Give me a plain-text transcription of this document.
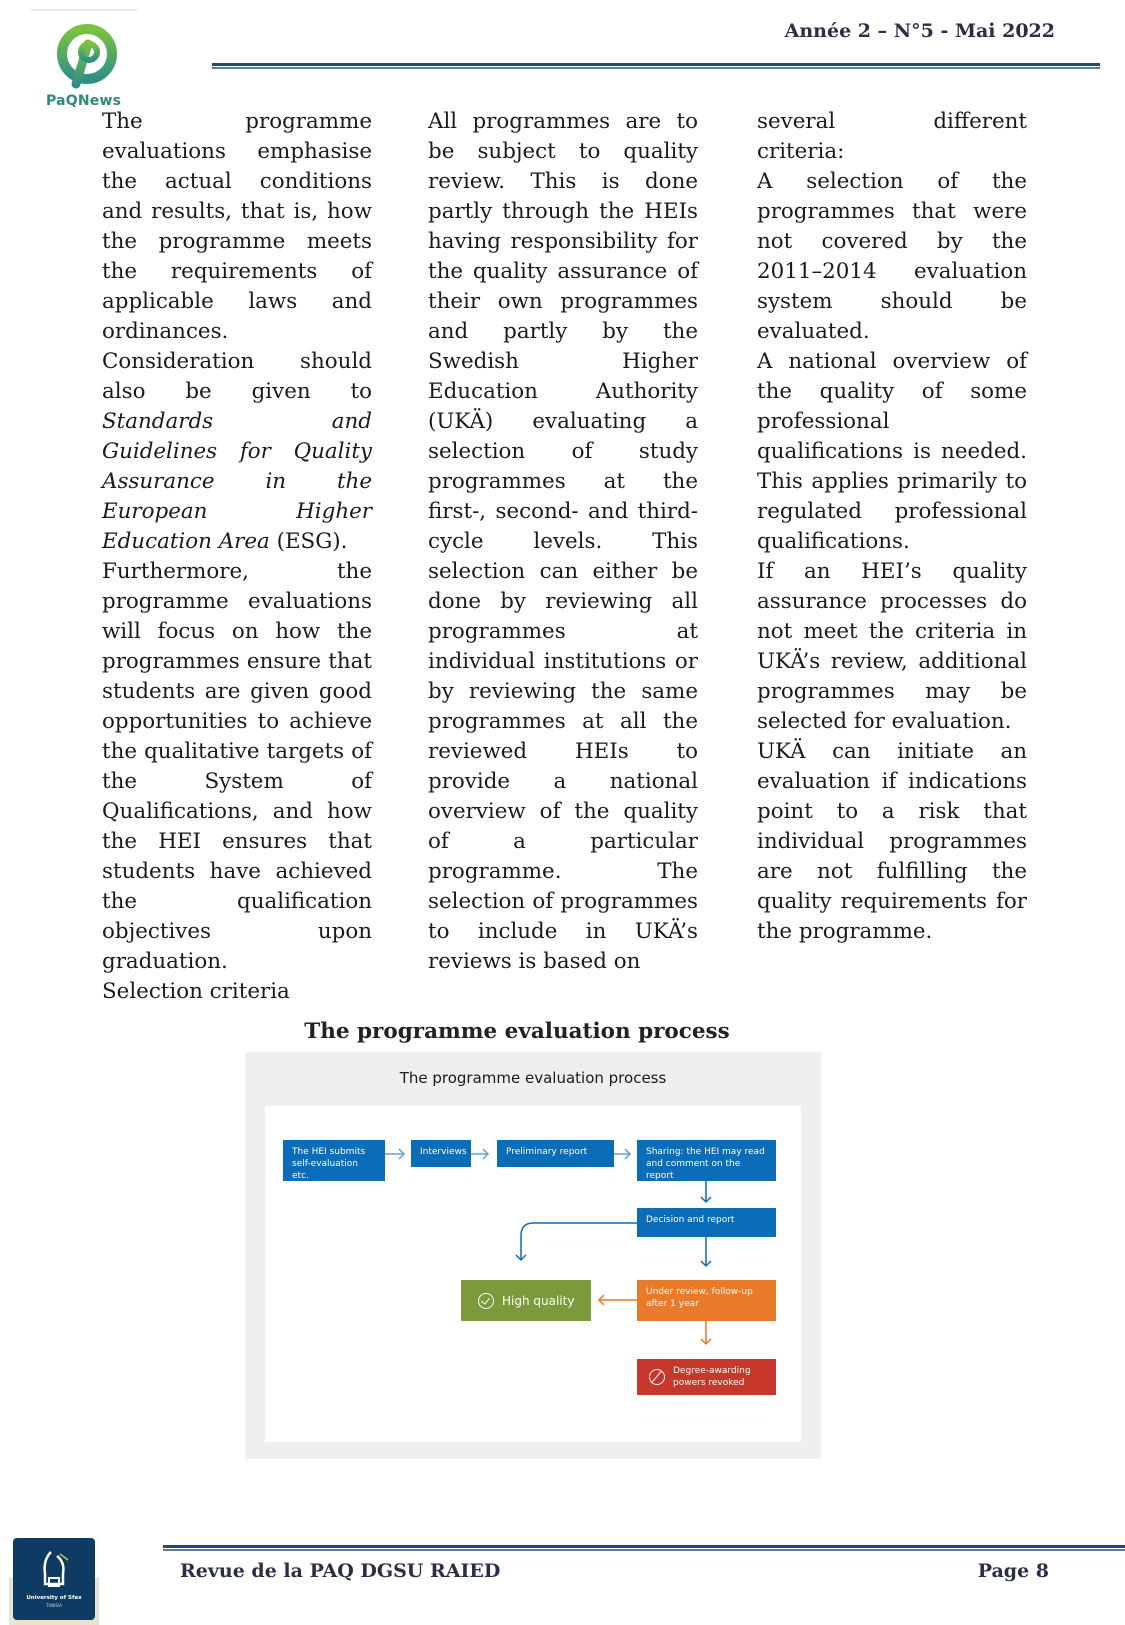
PaQNews
Année 2 – N°5 - Mai 2022

The programme evaluations emphasise the actual conditions and results, that is, how the programme meets the requirements of applicable laws and ordinances.

Consideration should also be given to Standards and Guidelines for Quality Assurance in the European Higher Education Area (ESG).

Furthermore, the programme evaluations will focus on how the programmes ensure that students are given good opportunities to achieve the qualitative targets of the System of Qualifications, and how the HEI ensures that students have achieved the qualification objectives upon graduation.

Selection criteria

All programmes are to be subject to quality review. This is done partly through the HEIs having responsibility for the quality assurance of their own programmes and partly by the Swedish Higher Education Authority (UKÄ) evaluating a selection of study programmes at the first-, second- and third-cycle levels. This selection can either be done by reviewing all programmes at individual institutions or by reviewing the same programmes at all the reviewed HEIs to provide a national overview of the quality of a particular programme. The selection of programmes to include in UKÄ’s reviews is based on

several different criteria:

A selection of the programmes that were not covered by the 2011–2014 evaluation system should be evaluated.

A national overview of the quality of some professional qualifications is needed. This applies primarily to regulated professional qualifications.

If an HEI’s quality assurance processes do not meet the criteria in UKÄ’s review, additional programmes may be selected for evaluation.

UKÄ can initiate an evaluation if indications point to a risk that individual programmes are not fulfilling the quality requirements for the programme.

The programme evaluation process
The programme evaluation process
The HEI submits self-evaluation etc.
Interviews	Preliminary report	Sharing: the HEI may read and comment on the report
Decision and report
High quality
Under review, follow-up after 1 year
Degree-awarding powers revoked
Revue de la PAQ DGSU RAIED	Page 8
University of Sfax
TUNISIA
